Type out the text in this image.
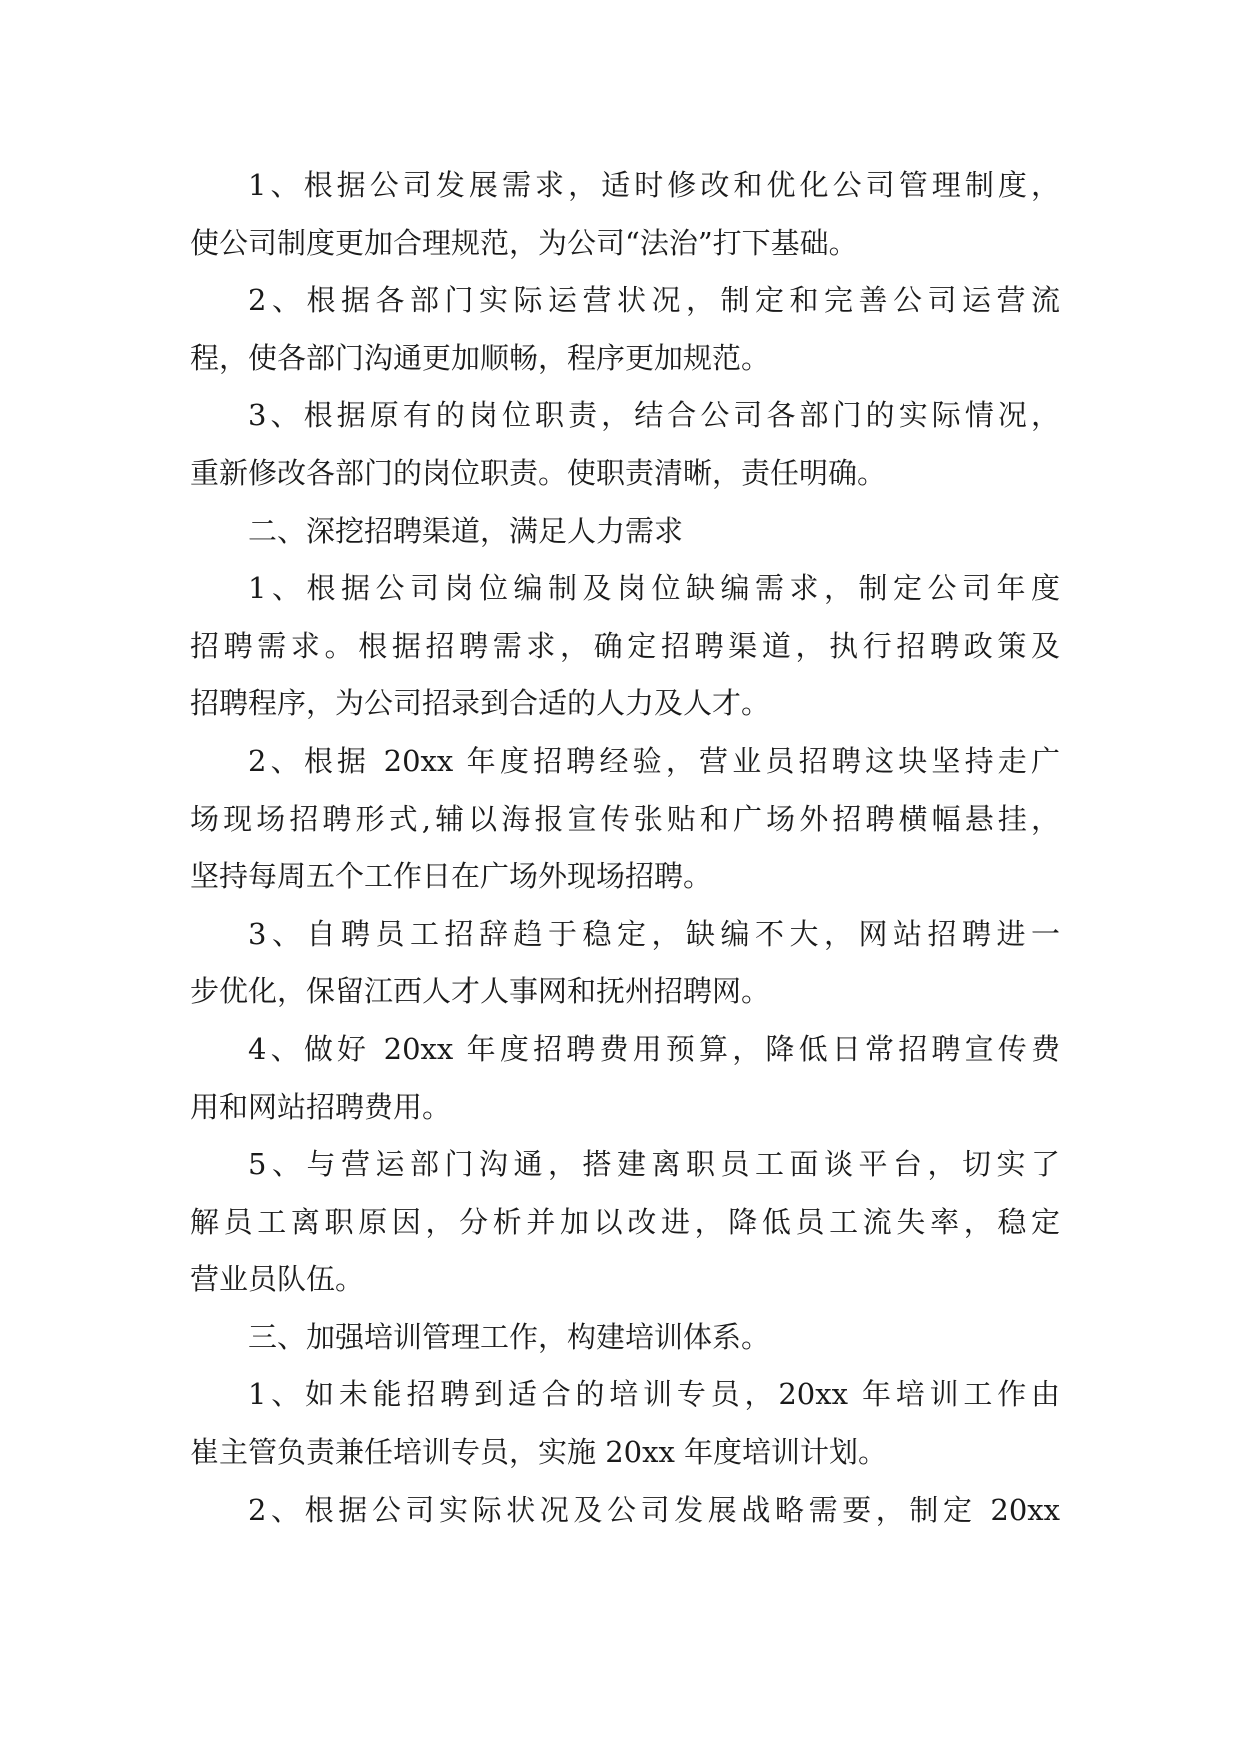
1、根据公司发展需求，适时修改和优化公司管理制度，
使公司制度更加合理规范，为公司“法治”打下基础。
2、根据各部门实际运营状况，制定和完善公司运营流
程，使各部门沟通更加顺畅，程序更加规范。
3、根据原有的岗位职责，结合公司各部门的实际情况，
重新修改各部门的岗位职责。使职责清晰，责任明确。
二、深挖招聘渠道，满足人力需求
1、根据公司岗位编制及岗位缺编需求，制定公司年度
招聘需求。根据招聘需求，确定招聘渠道，执行招聘政策及
招聘程序，为公司招录到合适的人力及人才。
2、根据 20xx 年度招聘经验，营业员招聘这块坚持走广
场现场招聘形式,辅以海报宣传张贴和广场外招聘横幅悬挂，
坚持每周五个工作日在广场外现场招聘。
3、自聘员工招辞趋于稳定，缺编不大，网站招聘进一
步优化，保留江西人才人事网和抚州招聘网。
4、做好 20xx 年度招聘费用预算，降低日常招聘宣传费
用和网站招聘费用。
5、与营运部门沟通，搭建离职员工面谈平台，切实了
解员工离职原因，分析并加以改进，降低员工流失率，稳定
营业员队伍。
三、加强培训管理工作，构建培训体系。
1、如未能招聘到适合的培训专员，20xx 年培训工作由
崔主管负责兼任培训专员，实施 20xx 年度培训计划。
2、根据公司实际状况及公司发展战略需要，制定 20xx
